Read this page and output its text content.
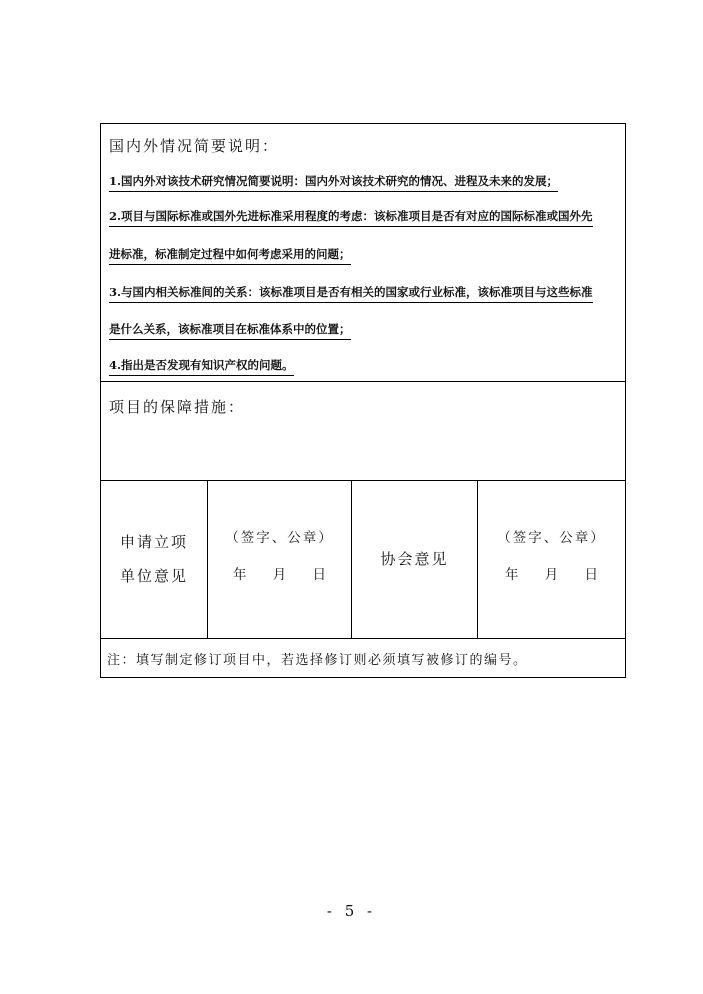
国内外情况简要说明：
1.国内外对该技术研究情况简要说明：国内外对该技术研究的情况、进程及未来的发展；
2.项目与国际标准或国外先进标准采用程度的考虑：该标准项目是否有对应的国际标准或国外先
进标准，标准制定过程中如何考虑采用的问题；
3.与国内相关标准间的关系：该标准项目是否有相关的国家或行业标准，该标准项目与这些标准
是什么关系，该标准项目在标准体系中的位置；
4.指出是否发现有知识产权的问题。
项目的保障措施：
申请立项
单位意见
（签字、公章）
年 月 日
协会意见
（签字、公章）
年 月 日
注：填写制定修订项目中，若选择修订则必须填写被修订的编号。
- 5 -
